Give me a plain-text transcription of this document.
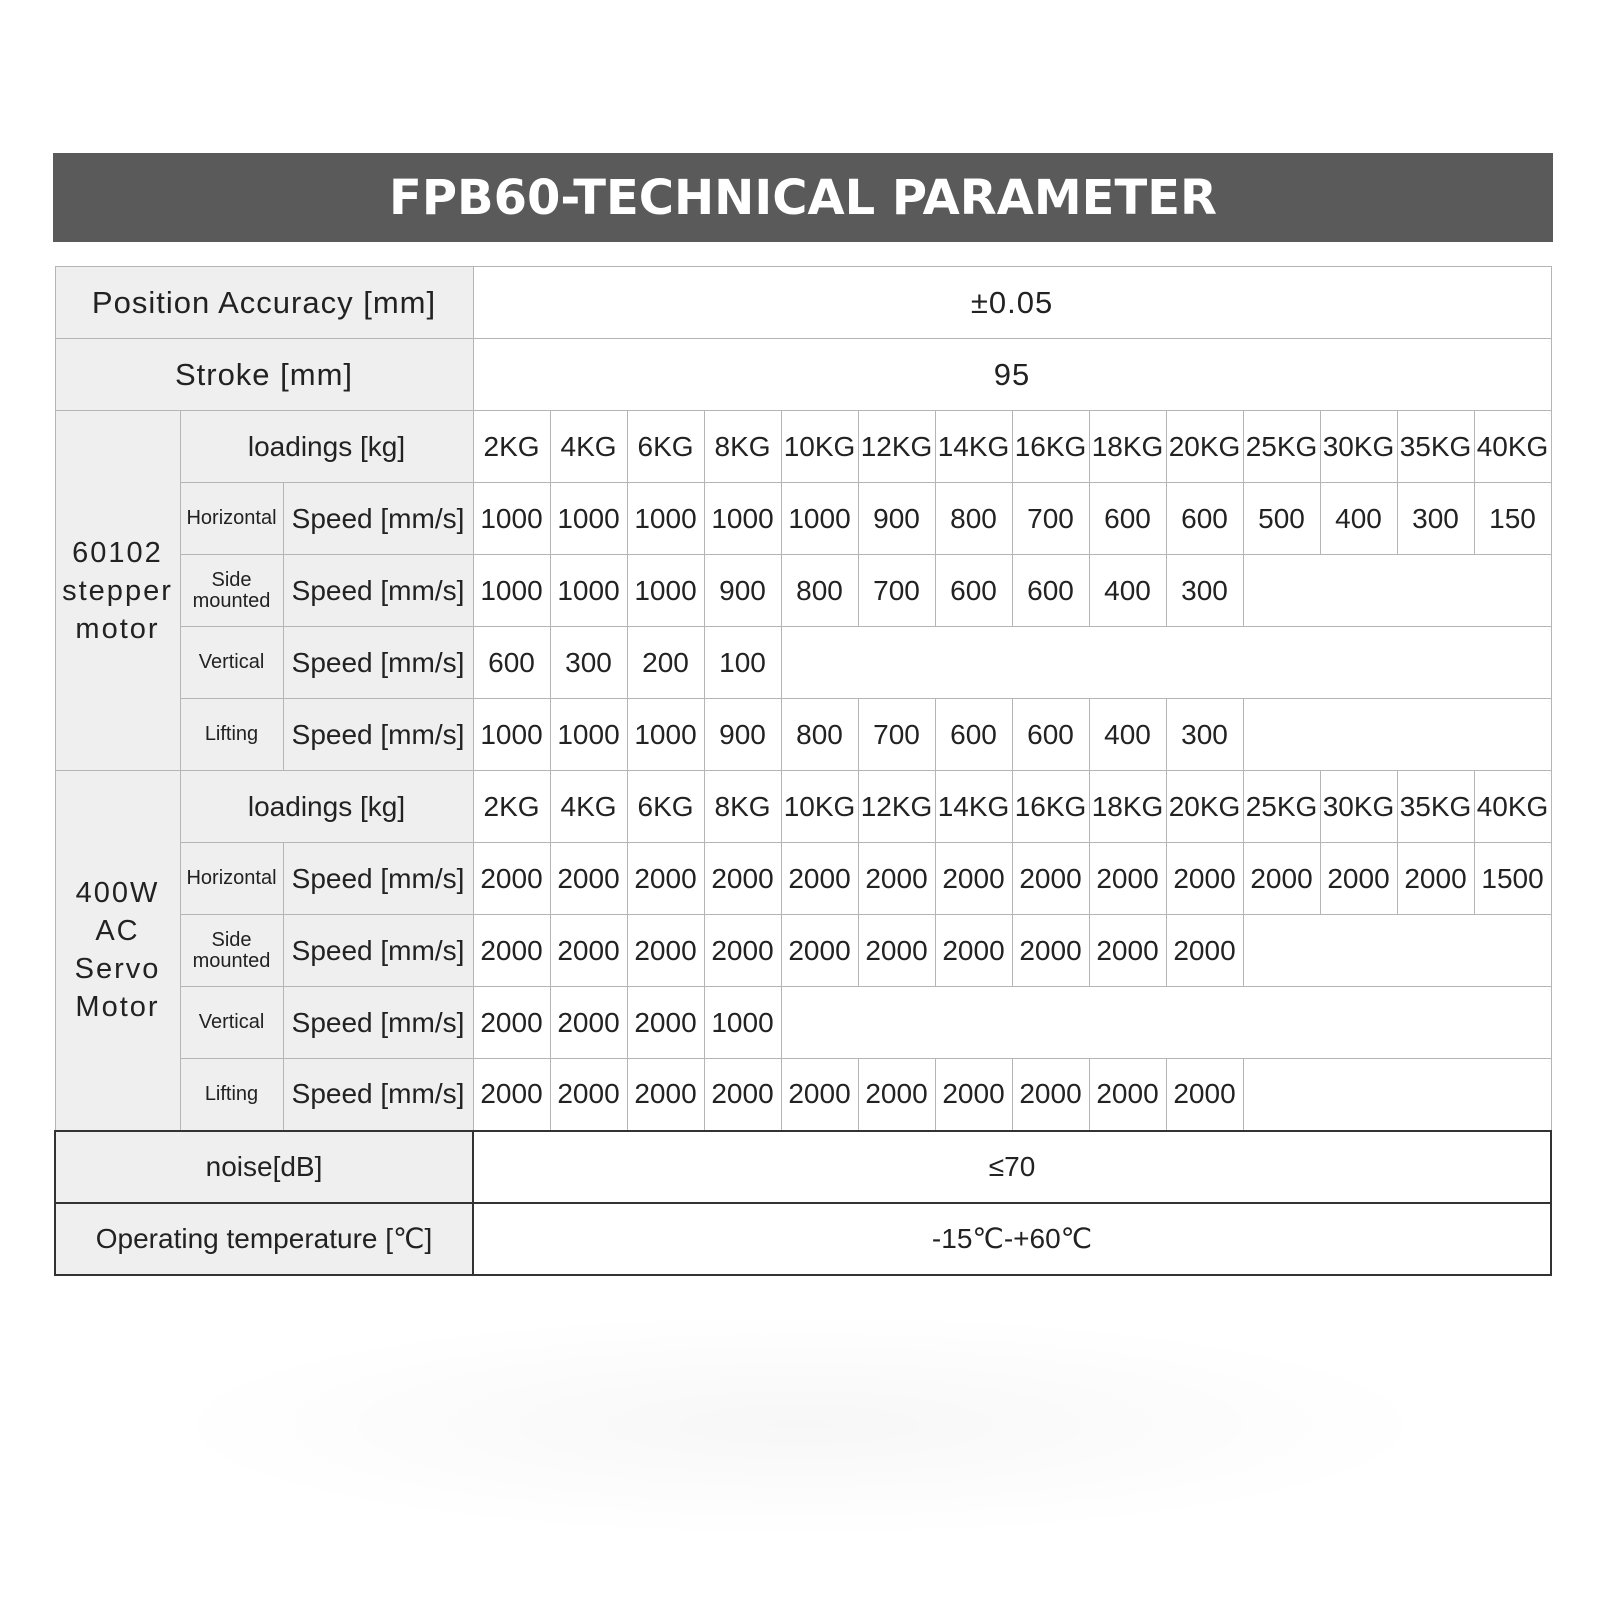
FPB60-TECHNICAL PARAMETER
Position Accuracy [mm]			±0.05													
Stroke [mm]			95													

60102
stepper
motor	loadings [kg]		2KG	4KG	6KG	8KG	10KG	12KG	14KG	16KG	18KG	20KG	25KG	30KG	35KG	40KG
	Horizontal	Speed [mm/s]	1000	1000	1000	1000	1000	900	800	700	600	600	500	400	300	150
	Side mounted	Speed [mm/s]	1000	1000	1000	900	800	700	600	600	400	300				
	Vertical	Speed [mm/s]	600	300	200	100										
	Lifting	Speed [mm/s]	1000	1000	1000	900	800	700	600	600	400	300				

400W
AC
Servo
Motor	loadings [kg]		2KG	4KG	6KG	8KG	10KG	12KG	14KG	16KG	18KG	20KG	25KG	30KG	35KG	40KG
	Horizontal	Speed [mm/s]	2000	2000	2000	2000	2000	2000	2000	2000	2000	2000	2000	2000	2000	1500
	Side mounted	Speed [mm/s]	2000	2000	2000	2000	2000	2000	2000	2000	2000	2000				
	Vertical	Speed [mm/s]	2000	2000	2000	1000										
	Lifting	Speed [mm/s]	2000	2000	2000	2000	2000	2000	2000	2000	2000	2000				
noise[dB]			≤70													
Operating temperature [℃]			-15℃-+60℃													
